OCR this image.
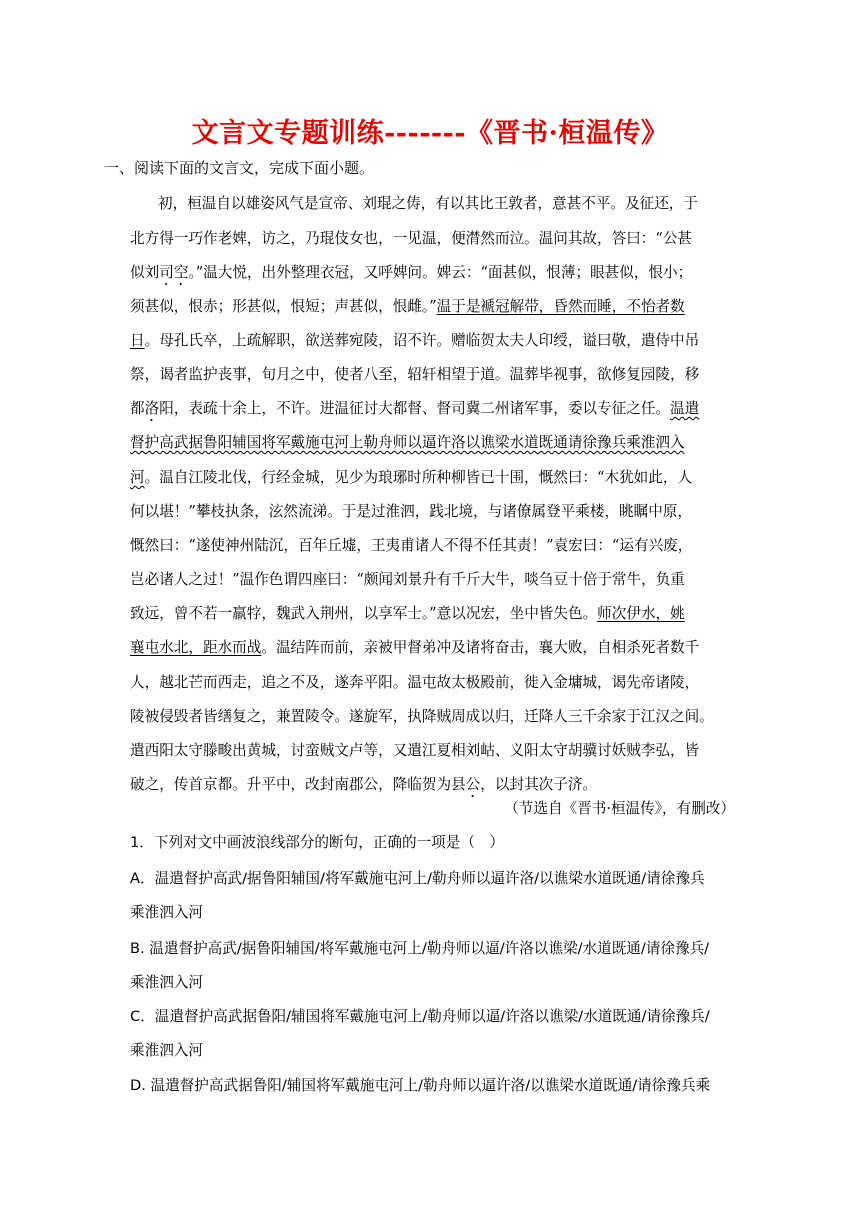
文言文专题训练-------《晋书·桓温传》
一、阅读下面的文言文，完成下面小题。
初，桓温自以雄姿风气是宣帝、刘琨之俦，有以其比王敦者，意甚不平。及征还，于
北方得一巧作老婢，访之，乃琨伎女也，一见温，便潸然而泣。温问其故，答曰：“公甚
似刘司空。”温大悦，出外整理衣冠，又呼婢问。婢云：“面甚似，恨薄；眼甚似，恨小；
须甚似，恨赤；形甚似，恨短；声甚似，恨雌。”温于是褫冠解带，昏然而睡，不怡者数
日。母孔氏卒，上疏解职，欲送葬宛陵，诏不许。赠临贺太夫人印绶，谥曰敬，遣侍中吊
祭，谒者监护丧事，旬月之中，使者八至，轺轩相望于道。温葬毕视事，欲修复园陵，移
都洛阳，表疏十余上，不许。进温征讨大都督、督司冀二州诸军事，委以专征之任。温遣
督护高武据鲁阳辅国将军戴施屯河上勒舟师以逼许洛以谯梁水道既通请徐豫兵乘淮泗入
河。温自江陵北伐，行经金城，见少为琅琊时所种柳皆已十围，慨然曰：“木犹如此，人
何以堪！”攀枝执条，泫然流涕。于是过淮泗，践北境，与诸僚属登平乘楼，眺瞩中原，
慨然曰：“遂使神州陆沉，百年丘墟，王夷甫诸人不得不任其责！”袁宏曰：“运有兴废，
岂必诸人之过！”温作色谓四座曰：“颇闻刘景升有千斤大牛，啖刍豆十倍于常牛，负重
致远，曾不若一羸牸，魏武入荆州，以享军士。”意以况宏，坐中皆失色。师次伊水，姚
襄屯水北，距水而战。温结阵而前，亲被甲督弟冲及诸将奋击，襄大败，自相杀死者数千
人，越北芒而西走，追之不及，遂奔平阳。温屯故太极殿前，徙入金墉城，谒先帝诸陵，
陵被侵毁者皆缮复之，兼置陵令。遂旋军，执降贼周成以归，迁降人三千余家于江汉之间。
遣西阳太守滕畯出黄城，讨蛮贼文卢等，又遣江夏相刘岵、义阳太守胡骥讨妖贼李弘，皆
破之，传首京都。升平中，改封南郡公，降临贺为县公，以封其次子济。
（节选自《晋书·桓温传》，有删改）
1．下列对文中画波浪线部分的断句，正确的一项是（　）
A．温遣督护高武/据鲁阳辅国/将军戴施屯河上/勒舟师以逼许洛/以谯梁水道既通/请徐豫兵
乘淮泗入河
B. 温遣督护高武/据鲁阳辅国/将军戴施屯河上/勒舟师以逼/许洛以谯梁/水道既通/请徐豫兵/
乘淮泗入河
C．温遣督护高武据鲁阳/辅国将军戴施屯河上/勒舟师以逼/许洛以谯梁/水道既通/请徐豫兵/
乘淮泗入河
D. 温遣督护高武据鲁阳/辅国将军戴施屯河上/勒舟师以逼许洛/以谯梁水道既通/请徐豫兵乘
